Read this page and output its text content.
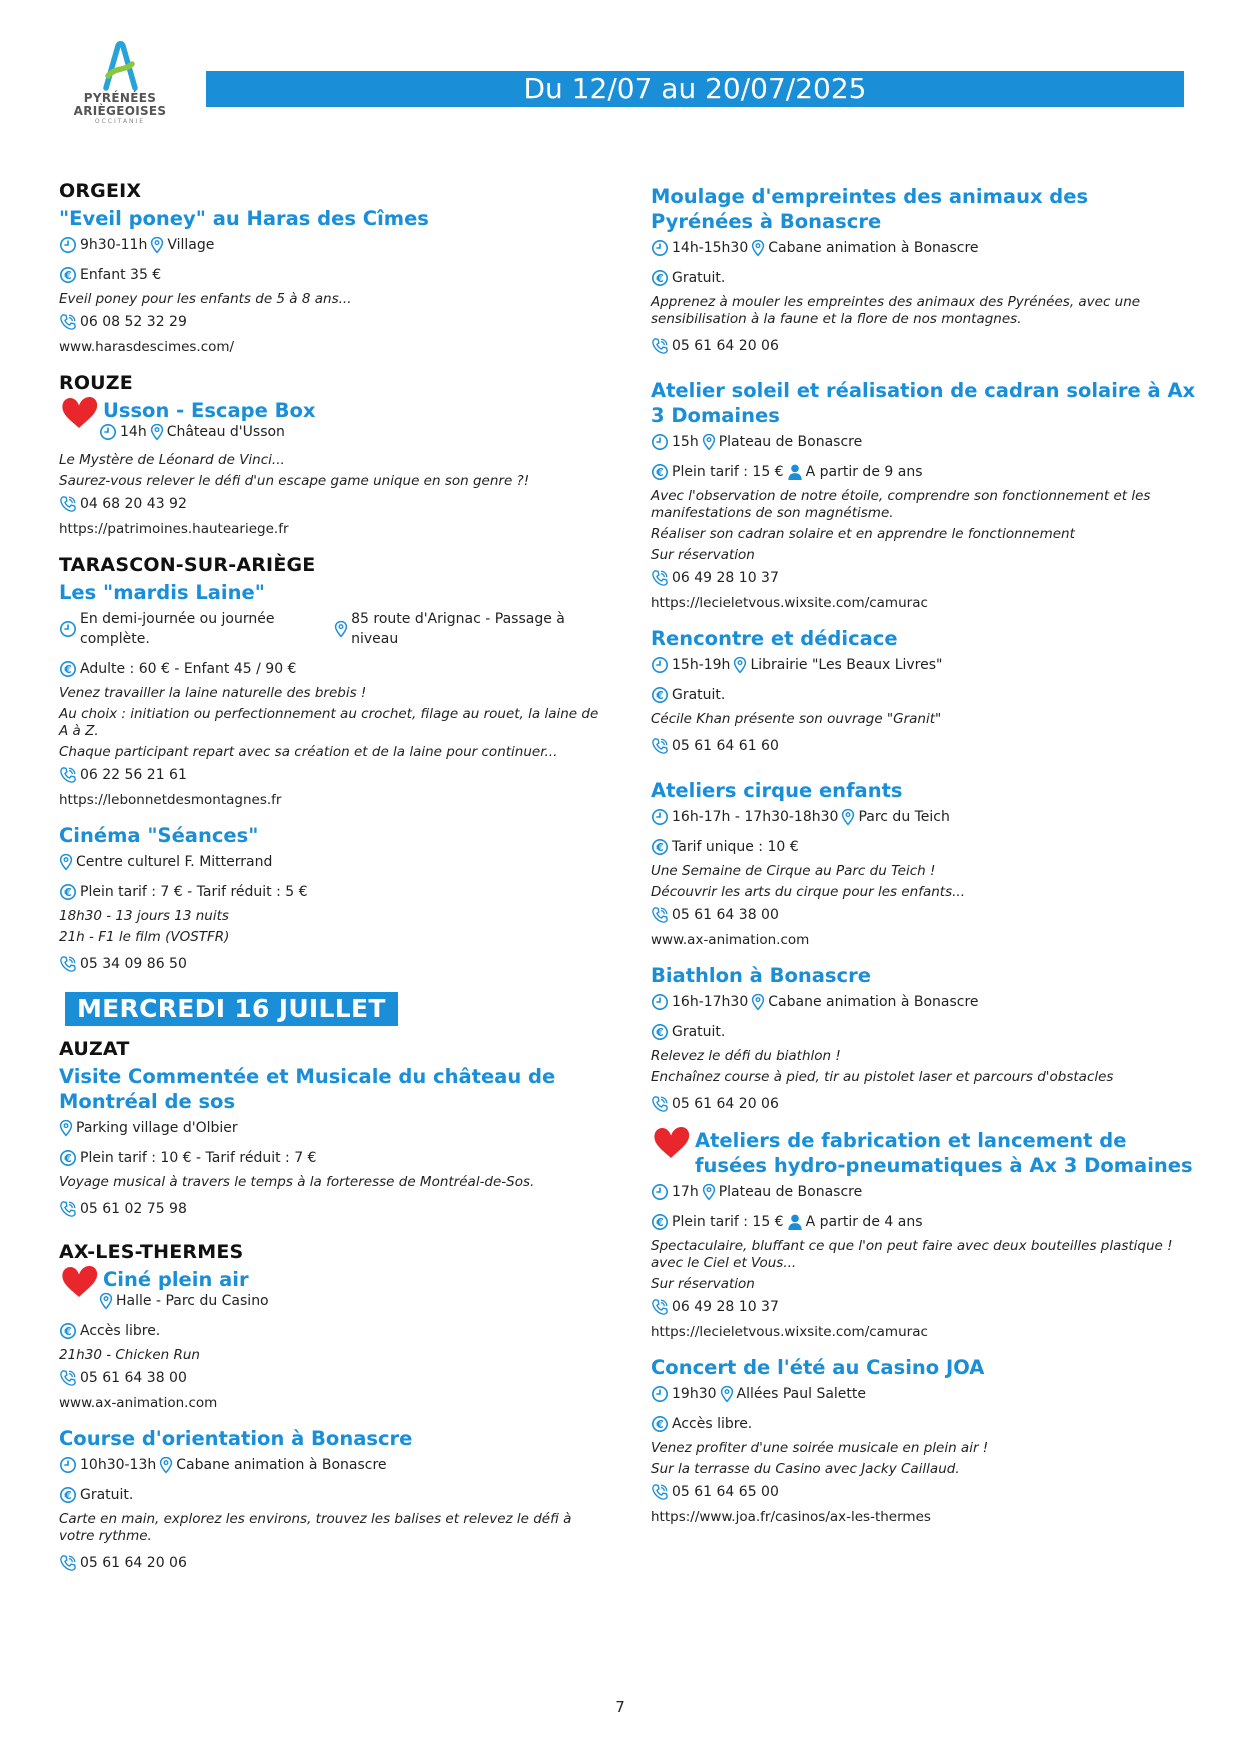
PYRÉNÉES
ARIÈGEOISES
OCCITANIE
Du 12/07 au 20/07/2025
ORGEIX
"Eveil poney" au Haras des Cîmes
9h30-11h Village
Enfant 35 €
Eveil poney pour les enfants de 5 à 8 ans...
06 08 52 32 29
www.harasdescimes.com/
ROUZE
Usson - Escape Box
14h Château d'Usson
Le Mystère de Léonard de Vinci...
Saurez-vous relever le défi d'un escape game unique en son genre ?!
04 68 20 43 92
https://patrimoines.hauteariege.fr
TARASCON-SUR-ARIÈGE
Les "mardis Laine"
En demi-journée ou journée complète.
85 route d'Arignac - Passage à niveau
Adulte : 60 € - Enfant 45 / 90 €
Venez travailler la laine naturelle des brebis !
Au choix : initiation ou perfectionnement au crochet, filage au rouet, la laine de A à Z.
Chaque participant repart avec sa création et de la laine pour continuer...
06 22 56 21 61
https://lebonnetdesmontagnes.fr
Cinéma "Séances"
Centre culturel F. Mitterrand
Plein tarif : 7 € - Tarif réduit : 5 €
18h30 - 13 jours 13 nuits
21h - F1 le film (VOSTFR)
05 34 09 86 50
MERCREDI 16 JUILLET
AUZAT
Visite Commentée et Musicale du château de Montréal de sos
Parking village d'Olbier
Plein tarif : 10 € - Tarif réduit : 7 €
Voyage musical à travers le temps à la forteresse de Montréal-de-Sos.
05 61 02 75 98
AX-LES-THERMES
Ciné plein air
Halle - Parc du Casino
Accès libre.
21h30 - Chicken Run
05 61 64 38 00
www.ax-animation.com
Course d'orientation à Bonascre
10h30-13h Cabane animation à Bonascre
Gratuit.
Carte en main, explorez les environs, trouvez les balises et relevez le défi à votre rythme.
05 61 64 20 06
Moulage d'empreintes des animaux des Pyrénées à Bonascre
14h-15h30 Cabane animation à Bonascre
Gratuit.
Apprenez à mouler les empreintes des animaux des Pyrénées, avec une sensibilisation à la faune et la flore de nos montagnes.
05 61 64 20 06
Atelier soleil et réalisation de cadran solaire à Ax 3 Domaines
15h Plateau de Bonascre
Plein tarif : 15 € A partir de 9 ans
Avec l'observation de notre étoile, comprendre son fonctionnement et les manifestations de son magnétisme.
Réaliser son cadran solaire et en apprendre le fonctionnement
Sur réservation
06 49 28 10 37
https://lecieletvous.wixsite.com/camurac
Rencontre et dédicace
15h-19h Librairie "Les Beaux Livres"
Gratuit.
Cécile Khan présente son ouvrage "Granit"
05 61 64 61 60
Ateliers cirque enfants
16h-17h - 17h30-18h30 Parc du Teich
Tarif unique : 10 €
Une Semaine de Cirque au Parc du Teich !
Découvrir les arts du cirque pour les enfants...
05 61 64 38 00
www.ax-animation.com
Biathlon à Bonascre
16h-17h30 Cabane animation à Bonascre
Gratuit.
Relevez le défi du biathlon !
Enchaînez course à pied, tir au pistolet laser et parcours d'obstacles
05 61 64 20 06
Ateliers de fabrication et lancement de fusées hydro-pneumatiques à Ax 3 Domaines
17h Plateau de Bonascre
Plein tarif : 15 € A partir de 4 ans
Spectaculaire, bluffant ce que l'on peut faire avec deux bouteilles plastique ! avec le Ciel et Vous...
Sur réservation
06 49 28 10 37
https://lecieletvous.wixsite.com/camurac
Concert de l'été au Casino JOA
19h30 Allées Paul Salette
Accès libre.
Venez profiter d'une soirée musicale en plein air !
Sur la terrasse du Casino avec Jacky Caillaud.
05 61 64 65 00
https://www.joa.fr/casinos/ax-les-thermes
7
